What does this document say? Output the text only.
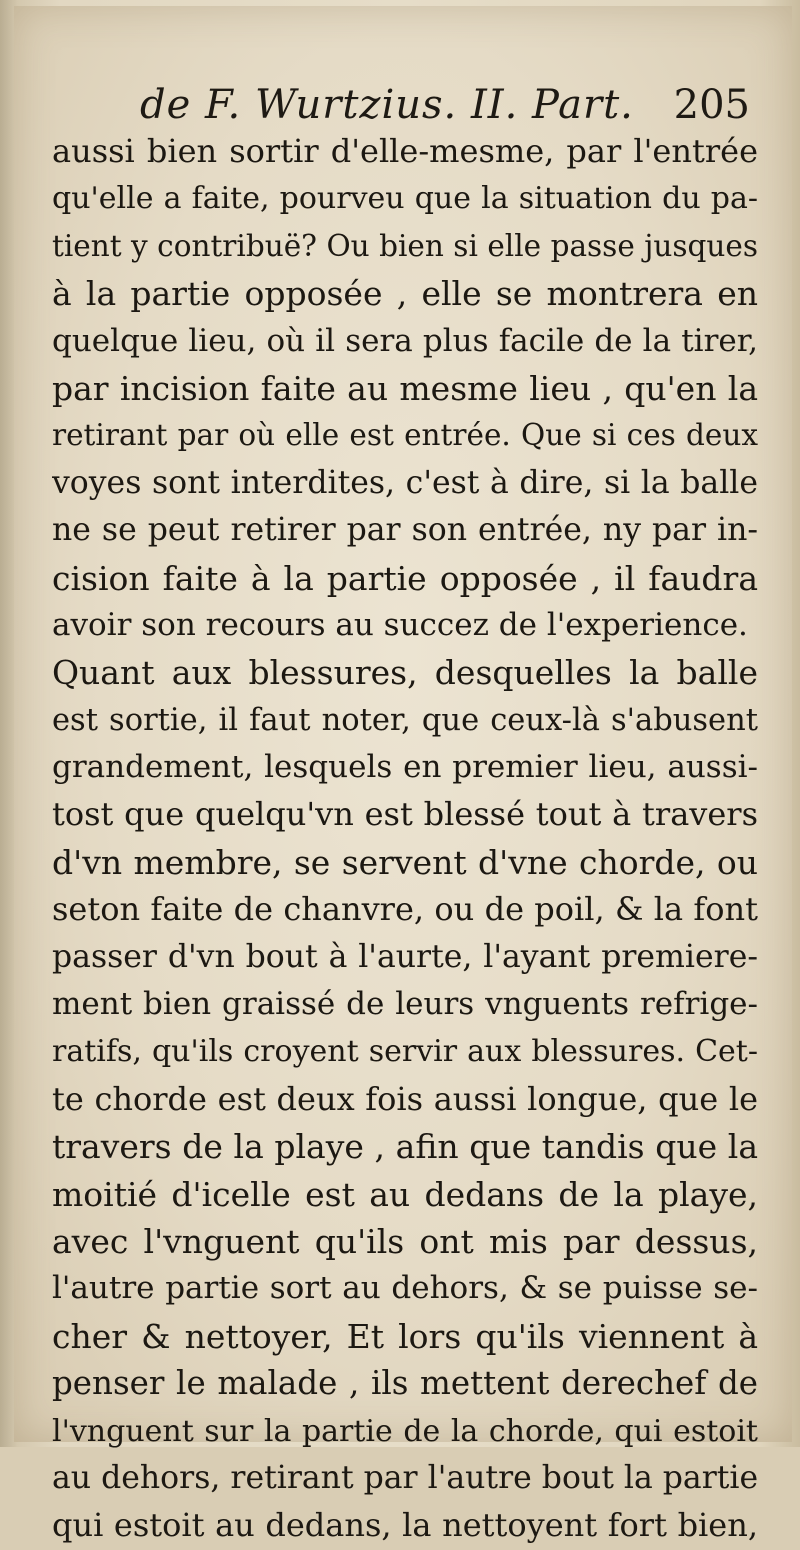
de F. Wurtzius. II. Part. 205
aussi bien sortir d'elle-mesme, par l'entrée
qu'elle a faite, pourveu que la situation du pa-
tient y contribuë? Ou bien si elle passe jusques
à la partie opposée , elle se montrera en
quelque lieu, où il sera plus facile de la tirer,
par incision faite au mesme lieu , qu'en la
retirant par où elle est entrée. Que si ces deux
voyes sont interdites, c'est à dire, si la balle
ne se peut retirer par son entrée, ny par in-
cision faite à la partie opposée , il faudra
avoir son recours au succez de l'experience.
Quant aux blessures, desquelles la balle
est sortie, il faut noter, que ceux-là s'abusent
grandement, lesquels en premier lieu, aussi-
tost que quelqu'vn est blessé tout à travers
d'vn membre, se servent d'vne chorde, ou
seton faite de chanvre, ou de poil, & la font
passer d'vn bout à l'aurte, l'ayant premiere-
ment bien graissé de leurs vnguents refrige-
ratifs, qu'ils croyent servir aux blessures. Cet-
te chorde est deux fois aussi longue, que le
travers de la playe , afin que tandis que la
moitié d'icelle est au dedans de la playe,
avec l'vnguent qu'ils ont mis par dessus,
l'autre partie sort au dehors, & se puisse se-
cher & nettoyer, Et lors qu'ils viennent à
penser le malade , ils mettent derechef de
l'vnguent sur la partie de la chorde, qui estoit
au dehors, retirant par l'autre bout la partie
qui estoit au dedans, la nettoyent fort bien,
